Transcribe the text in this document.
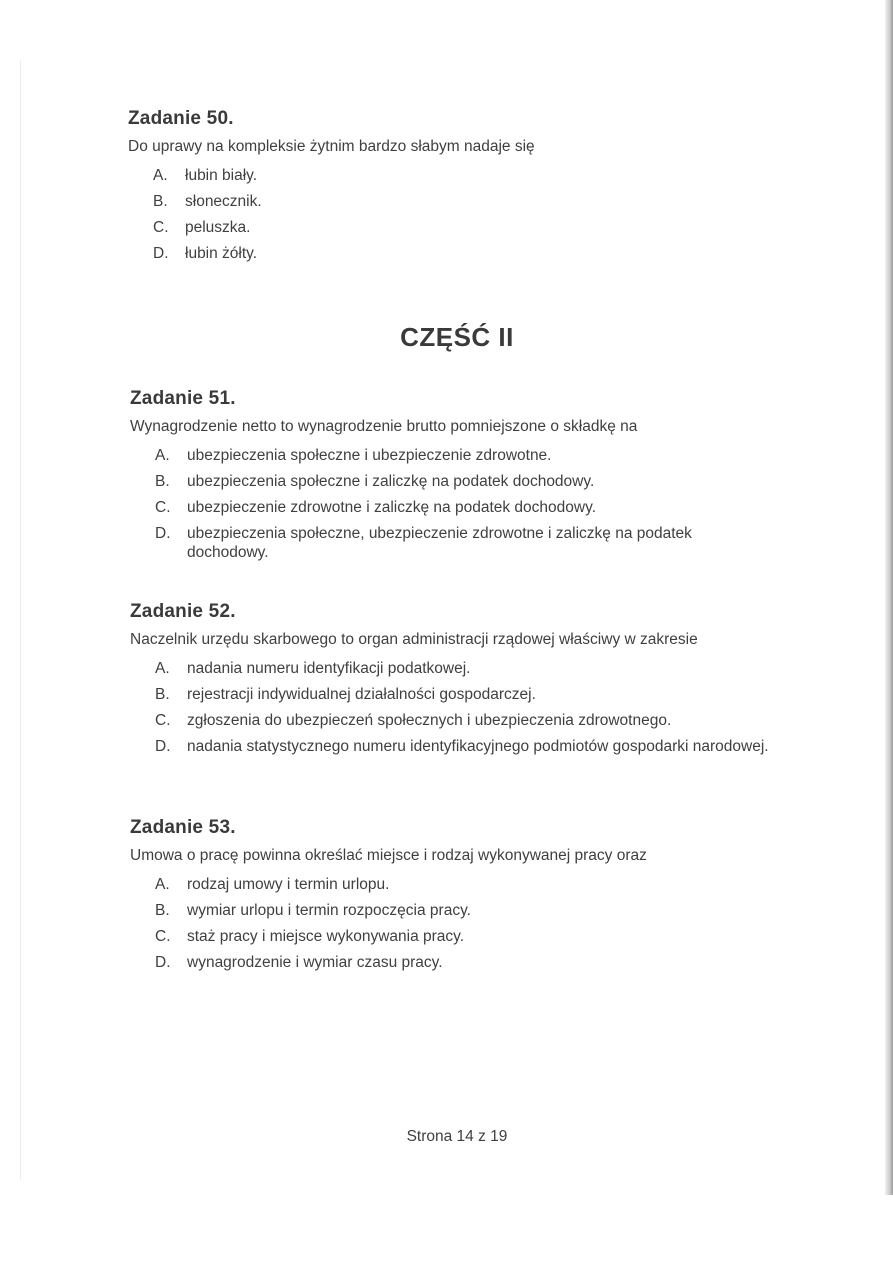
Zadanie 50.
Do uprawy na kompleksie żytnim bardzo słabym nadaje się
A.	łubin biały.
B.	słonecznik.
C.	peluszka.
D.	łubin żółty.
CZĘŚĆ II
Zadanie 51.
Wynagrodzenie netto to wynagrodzenie brutto pomniejszone o składkę na
A.	ubezpieczenia społeczne i ubezpieczenie zdrowotne.
B.	ubezpieczenia społeczne i zaliczkę na podatek dochodowy.
C.	ubezpieczenie zdrowotne i zaliczkę na podatek dochodowy.
D.	ubezpieczenia społeczne, ubezpieczenie zdrowotne i zaliczkę na podatek dochodowy.
Zadanie 52.
Naczelnik urzędu skarbowego to organ administracji rządowej właściwy w zakresie
A.	nadania numeru identyfikacji podatkowej.
B.	rejestracji indywidualnej działalności gospodarczej.
C.	zgłoszenia do ubezpieczeń społecznych i ubezpieczenia zdrowotnego.
D.	nadania statystycznego numeru identyfikacyjnego podmiotów gospodarki narodowej.
Zadanie 53.
Umowa o pracę powinna określać miejsce i rodzaj wykonywanej pracy oraz
A.	rodzaj umowy i termin urlopu.
B.	wymiar urlopu i termin rozpoczęcia pracy.
C.	staż pracy i miejsce wykonywania pracy.
D.	wynagrodzenie i wymiar czasu pracy.
Strona 14 z 19
